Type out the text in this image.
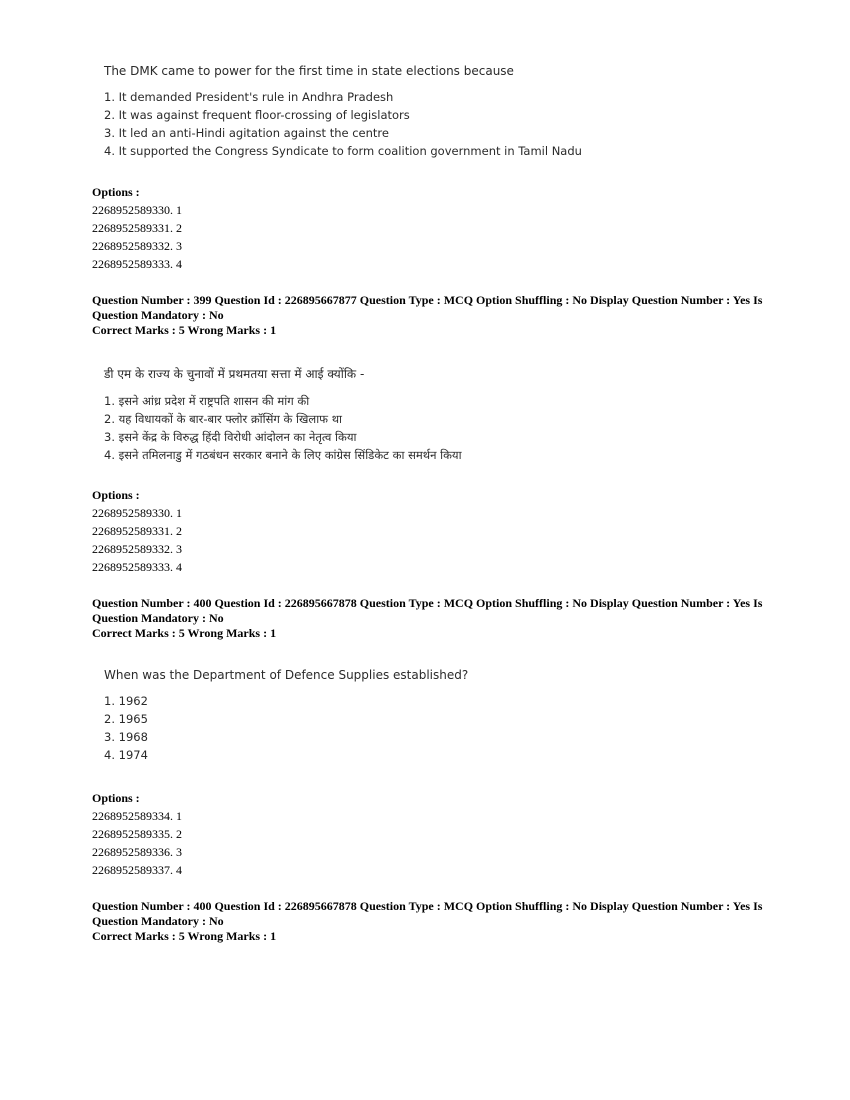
The DMK came to power for the first time in state elections because

1. It demanded President's rule in Andhra Pradesh
2. It was against frequent floor-crossing of legislators
3. It led an anti-Hindi agitation against the centre
4. It supported the Congress Syndicate to form coalition government in Tamil Nadu
Options :
2268952589330. 1
2268952589331. 2
2268952589332. 3
2268952589333. 4
Question Number : 399 Question Id : 226895667877 Question Type : MCQ Option Shuffling : No Display Question Number : Yes Is
Question Mandatory : No
Correct Marks : 5 Wrong Marks : 1

डी एम के राज्य के चुनावों में प्रथमतया सत्ता में आई क्योंकि -

1. इसने आंध्र प्रदेश में राष्ट्रपति शासन की मांग की
2. यह विधायकों के बार-बार फ्लोर क्रॉसिंग के खिलाफ था
3. इसने केंद्र के विरुद्ध हिंदी विरोधी आंदोलन का नेतृत्व किया
4. इसने तमिलनाडु में गठबंधन सरकार बनाने के लिए कांग्रेस सिंडिकेट का समर्थन किया
Options :
2268952589330. 1
2268952589331. 2
2268952589332. 3
2268952589333. 4
Question Number : 400 Question Id : 226895667878 Question Type : MCQ Option Shuffling : No Display Question Number : Yes Is
Question Mandatory : No
Correct Marks : 5 Wrong Marks : 1

When was the Department of Defence Supplies established?

1. 1962
2. 1965
3. 1968
4. 1974
Options :
2268952589334. 1
2268952589335. 2
2268952589336. 3
2268952589337. 4
Question Number : 400 Question Id : 226895667878 Question Type : MCQ Option Shuffling : No Display Question Number : Yes Is
Question Mandatory : No
Correct Marks : 5 Wrong Marks : 1
